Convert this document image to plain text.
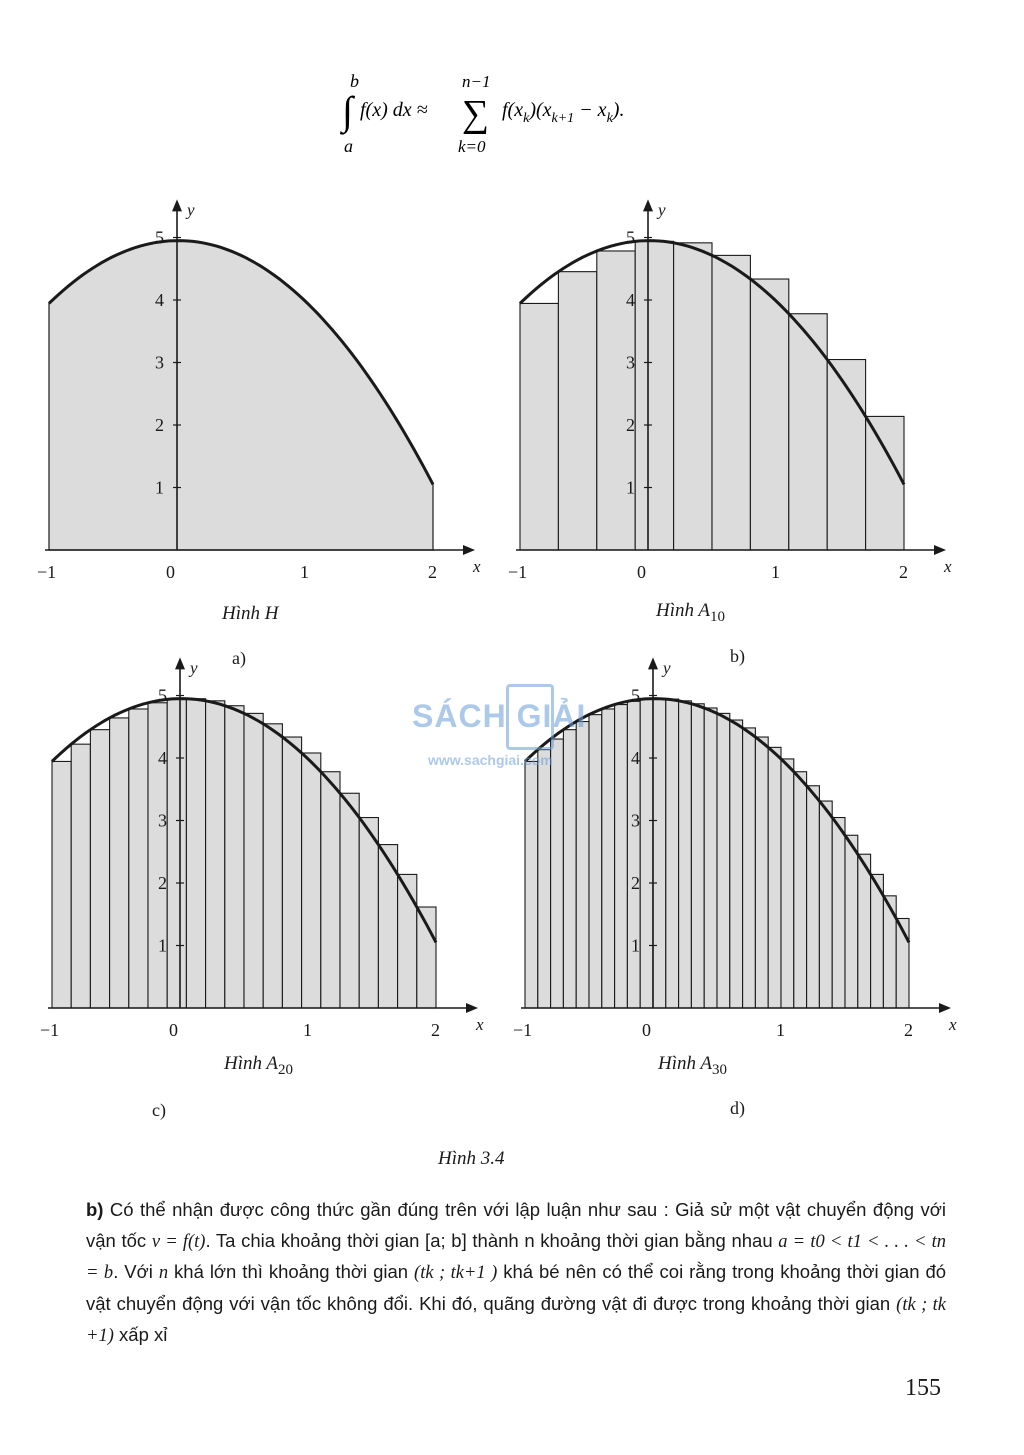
b
∫
a
f(x) dx ≈
n−1
∑
k=0
$f(x_k)(x_{k+1} - x_k)$.
1
2
3
4
5
−1	0	1	2 x
y
1
2
3
4
5
−1	0	1	2 x
y
1
2
3
4
5
−1	0	1	2 x
y
1
2
3
4
5
−1	0	1	2 x
y
Hình H
a)
Hình $A_{10}$
b)
Hình $A_{20}$
c)
Hình $A_{30}$
d)
Hình 3.4
SÁCH GIẢI
www.sachgiai.com
b) Có thể nhận được công thức gần đúng trên với lập luận như sau : Giả sử một vật chuyển động với vận tốc v = f(t). Ta chia khoảng thời gian [a; b] thành n khoảng thời gian bằng nhau a = t0 < t1 < . . . < tn = b. Với n khá lớn thì khoảng thời gian (tk ; tk+1 ) khá bé nên có thể coi rằng trong khoảng thời gian đó vật chuyển động với vận tốc không đổi. Khi đó, quãng đường vật đi được trong khoảng thời gian (tk ; tk +1) xấp xỉ
155
